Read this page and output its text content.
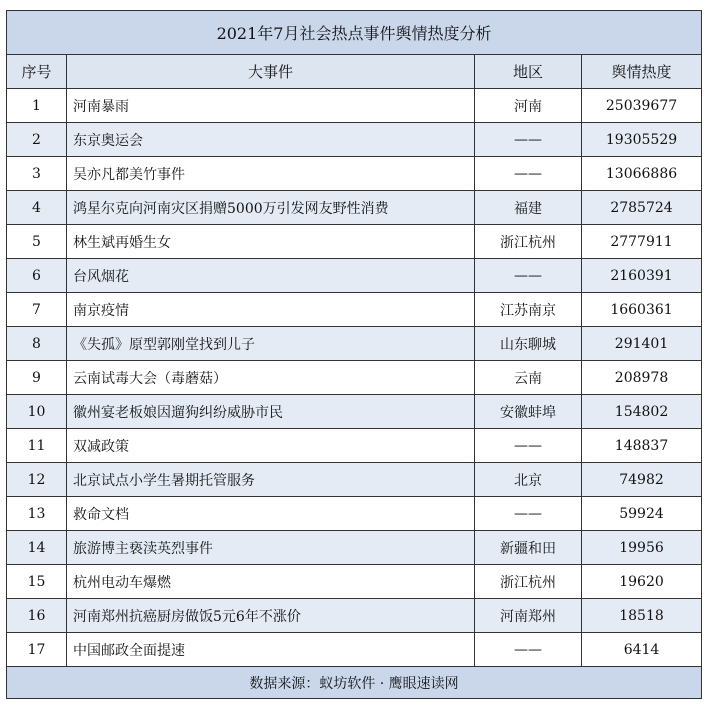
2021年7月社会热点事件舆情热度分析			
序号	大事件	地区	舆情热度
1	河南暴雨	河南	25039677
2	东京奥运会	——	19305529
3	吴亦凡都美竹事件	——	13066886
4	鸿星尔克向河南灾区捐赠5000万引发网友野性消费	福建	2785724
5	林生斌再婚生女	浙江杭州	2777911
6	台风烟花	——	2160391
7	南京疫情	江苏南京	1660361
8	《失孤》原型郭刚堂找到儿子	山东聊城	291401
9	云南试毒大会（毒蘑菇）	云南	208978
10	徽州宴老板娘因遛狗纠纷威胁市民	安徽蚌埠	154802
11	双减政策	——	148837
12	北京试点小学生暑期托管服务	北京	74982
13	救命文档	——	59924
14	旅游博主亵渎英烈事件	新疆和田	19956
15	杭州电动车爆燃	浙江杭州	19620
16	河南郑州抗癌厨房做饭5元6年不涨价	河南郑州	18518
17	中国邮政全面提速	——	6414
数据来源：蚁坊软件 · 鹰眼速读网			
